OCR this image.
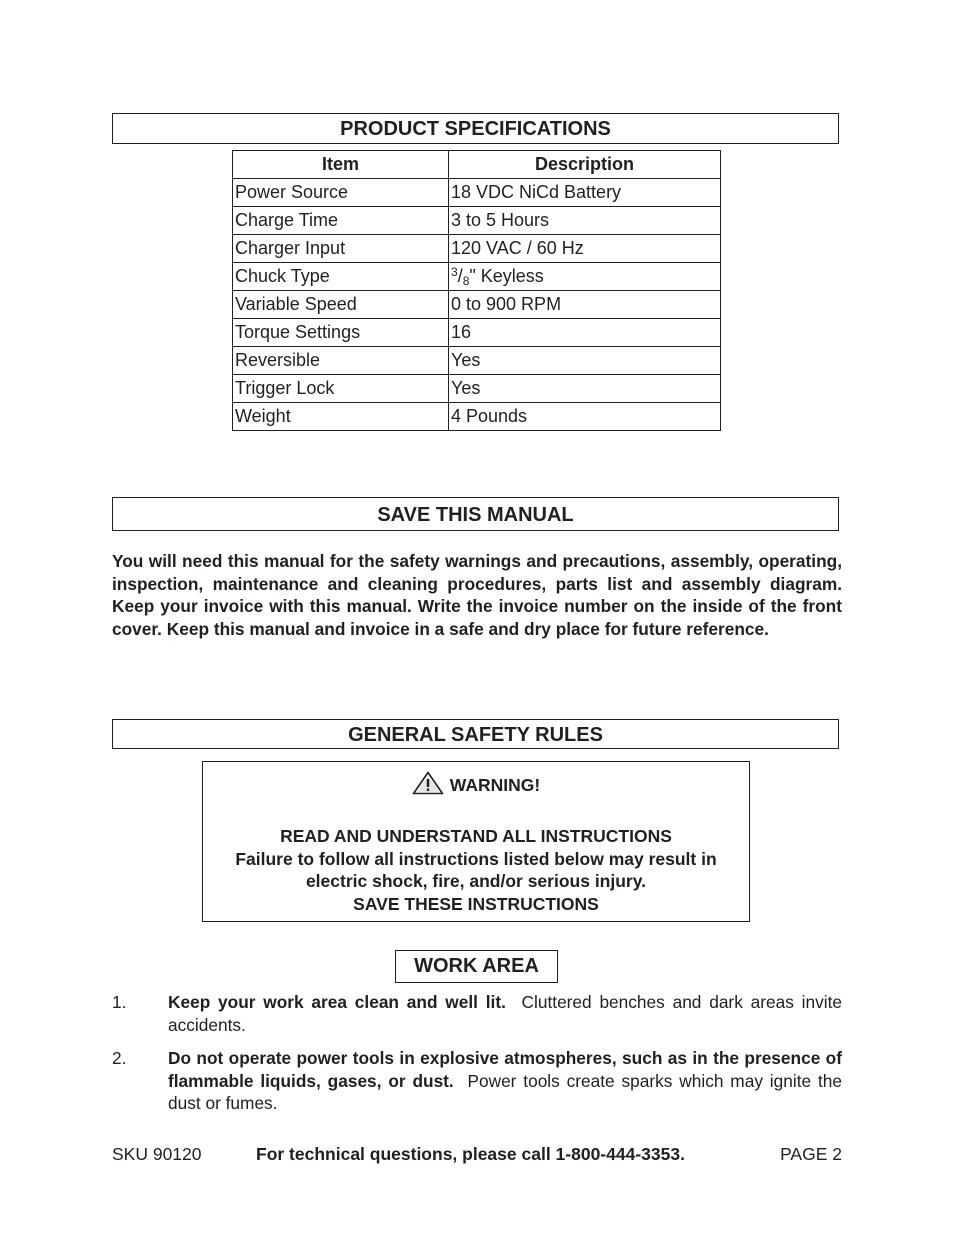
PRODUCT SPECIFICATIONS
Item	Description
Power Source	18 VDC NiCd Battery
Charge Time	3 to 5 Hours
Charger Input	120 VAC / 60 Hz
Chuck Type	$^3/_8$" Keyless
Variable Speed	0 to 900 RPM
Torque Settings	16
Reversible	Yes
Trigger Lock	Yes
Weight	4 Pounds
SAVE THIS MANUAL

You will need this manual for the safety warnings and precautions, assembly, operating, inspection, maintenance and cleaning procedures, parts list and assembly diagram. Keep your invoice with this manual. Write the invoice number on the inside of the front cover. Keep this manual and invoice in a safe and dry place for future reference.

GENERAL SAFETY RULES
WARNING!
READ AND UNDERSTAND ALL INSTRUCTIONS
Failure to follow all instructions listed below may result in
electric shock, fire, and/or serious injury.
SAVE THESE INSTRUCTIONS
WORK AREA
1. Keep your work area clean and well lit. Cluttered benches and dark areas invite accidents.
2. Do not operate power tools in explosive atmospheres, such as in the presence of flammable liquids, gases, or dust. Power tools create sparks which may ignite the dust or fumes.
SKU 90120	For technical questions, please call 1-800-444-3353.	PAGE 2
